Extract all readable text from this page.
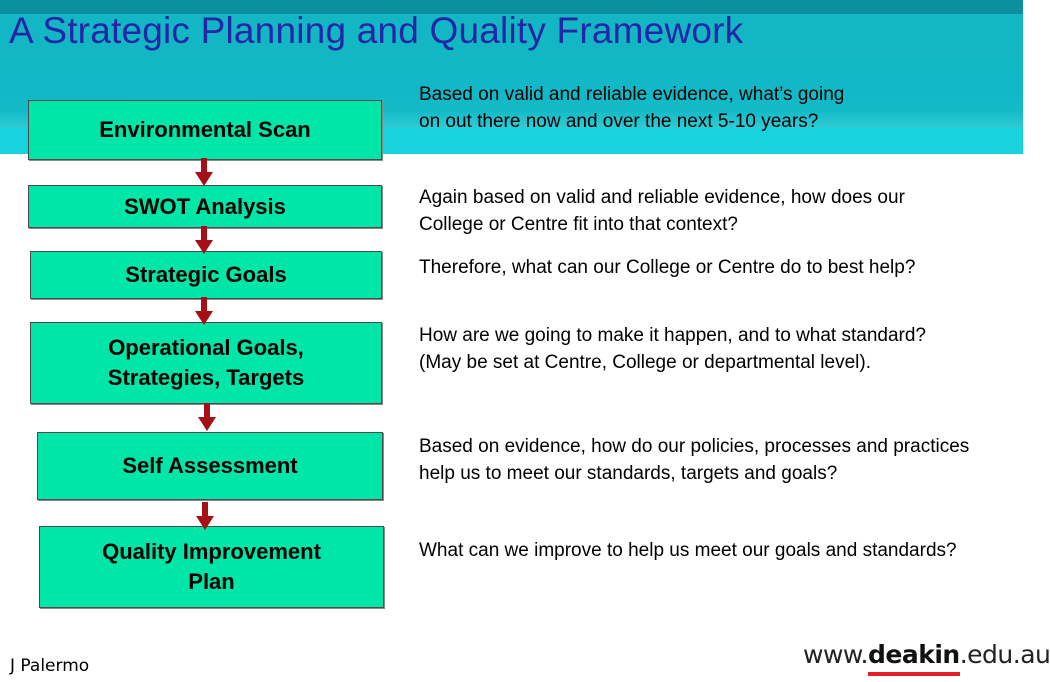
A Strategic Planning and Quality Framework
Environmental Scan
SWOT Analysis
Strategic Goals
Operational Goals, Strategies, Targets
Self Assessment
Quality Improvement Plan

Based on valid and reliable evidence, what’s going on out there now and over the next 5-10 years?

Again based on valid and reliable evidence, how does our College or Centre fit into that context?

Therefore, what can our College or Centre do to best help?

How are we going to make it happen, and to what standard? (May be set at Centre, College or departmental level).

Based on evidence, how do our policies, processes and practices help us to meet our standards, targets and goals?

What can we improve to help us meet our goals and standards?

J Palermo	www.deakin
.edu.au
